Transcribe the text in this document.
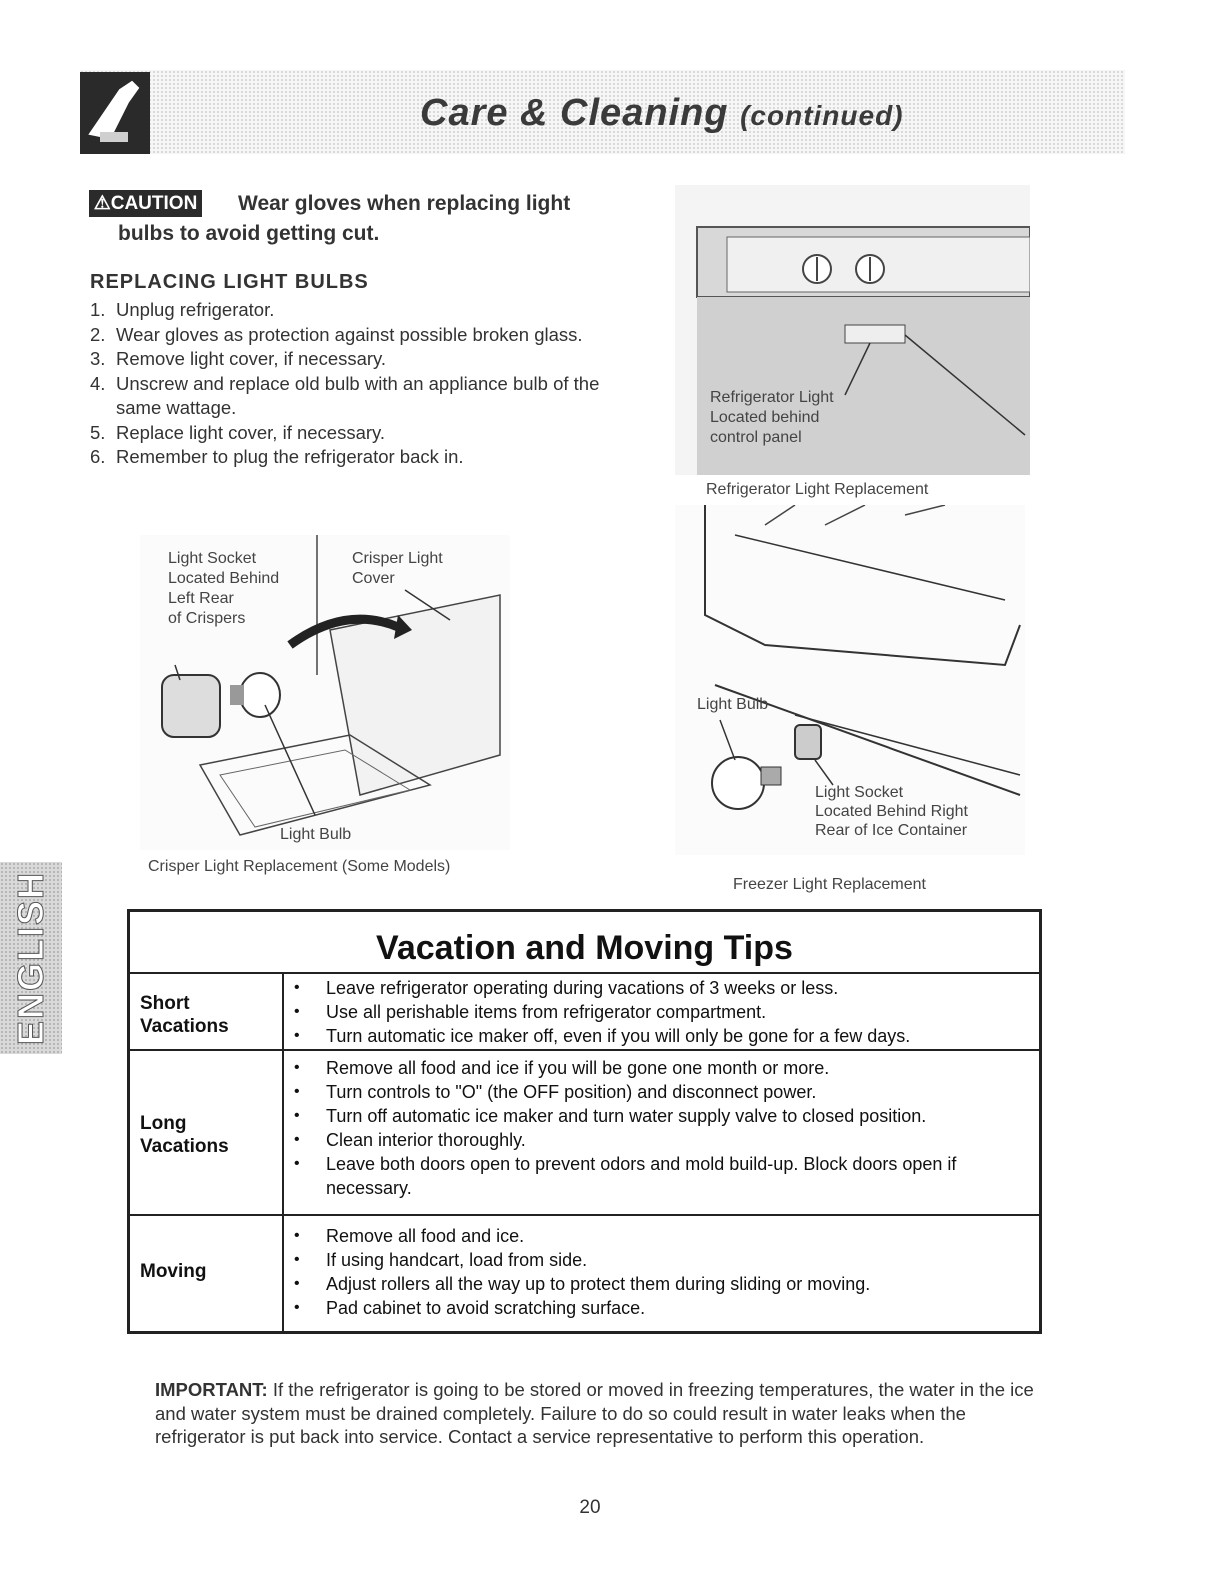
Care & Cleaning (continued)
⚠CAUTION Wear gloves when replacing light
bulbs to avoid getting cut.
REPLACING LIGHT BULBS
1. Unplug refrigerator.
2. Wear gloves as protection against possible broken glass.
3. Remove light cover, if necessary.
4. Unscrew and replace old bulb with an appliance bulb of the same wattage.
5. Replace light cover, if necessary.
6. Remember to plug the refrigerator back in.
Refrigerator Light
Located behind
control panel
Refrigerator Light Replacement
Light Socket
Located Behind
Left Rear
of Crispers
Crisper Light
Cover
Light Bulb
Crisper Light Replacement (Some Models)
Light Bulb
Light Socket
Located Behind Right
Rear of Ice Container
Freezer Light Replacement
ENGLISH	Vacation and Moving Tips
Short
Vacations
• Leave refrigerator operating during vacations of 3 weeks or less.
• Use all perishable items from refrigerator compartment.
• Turn automatic ice maker off, even if you will only be gone for a few days.
Long
Vacations
• Remove all food and ice if you will be gone one month or more.
• Turn controls to "O" (the OFF position) and disconnect power.
• Turn off automatic ice maker and turn water supply valve to closed position.
• Clean interior thoroughly.
• Leave both doors open to prevent odors and mold build-up. Block doors open if necessary.
Moving
• Remove all food and ice.
• If using handcart, load from side.
• Adjust rollers all the way up to protect them during sliding or moving.
• Pad cabinet to avoid scratching surface.
IMPORTANT: If the refrigerator is going to be stored or moved in freezing temperatures, the water in the ice and water system must be drained completely. Failure to do so could result in water leaks when the refrigerator is put back into service. Contact a service representative to perform this operation.
20
